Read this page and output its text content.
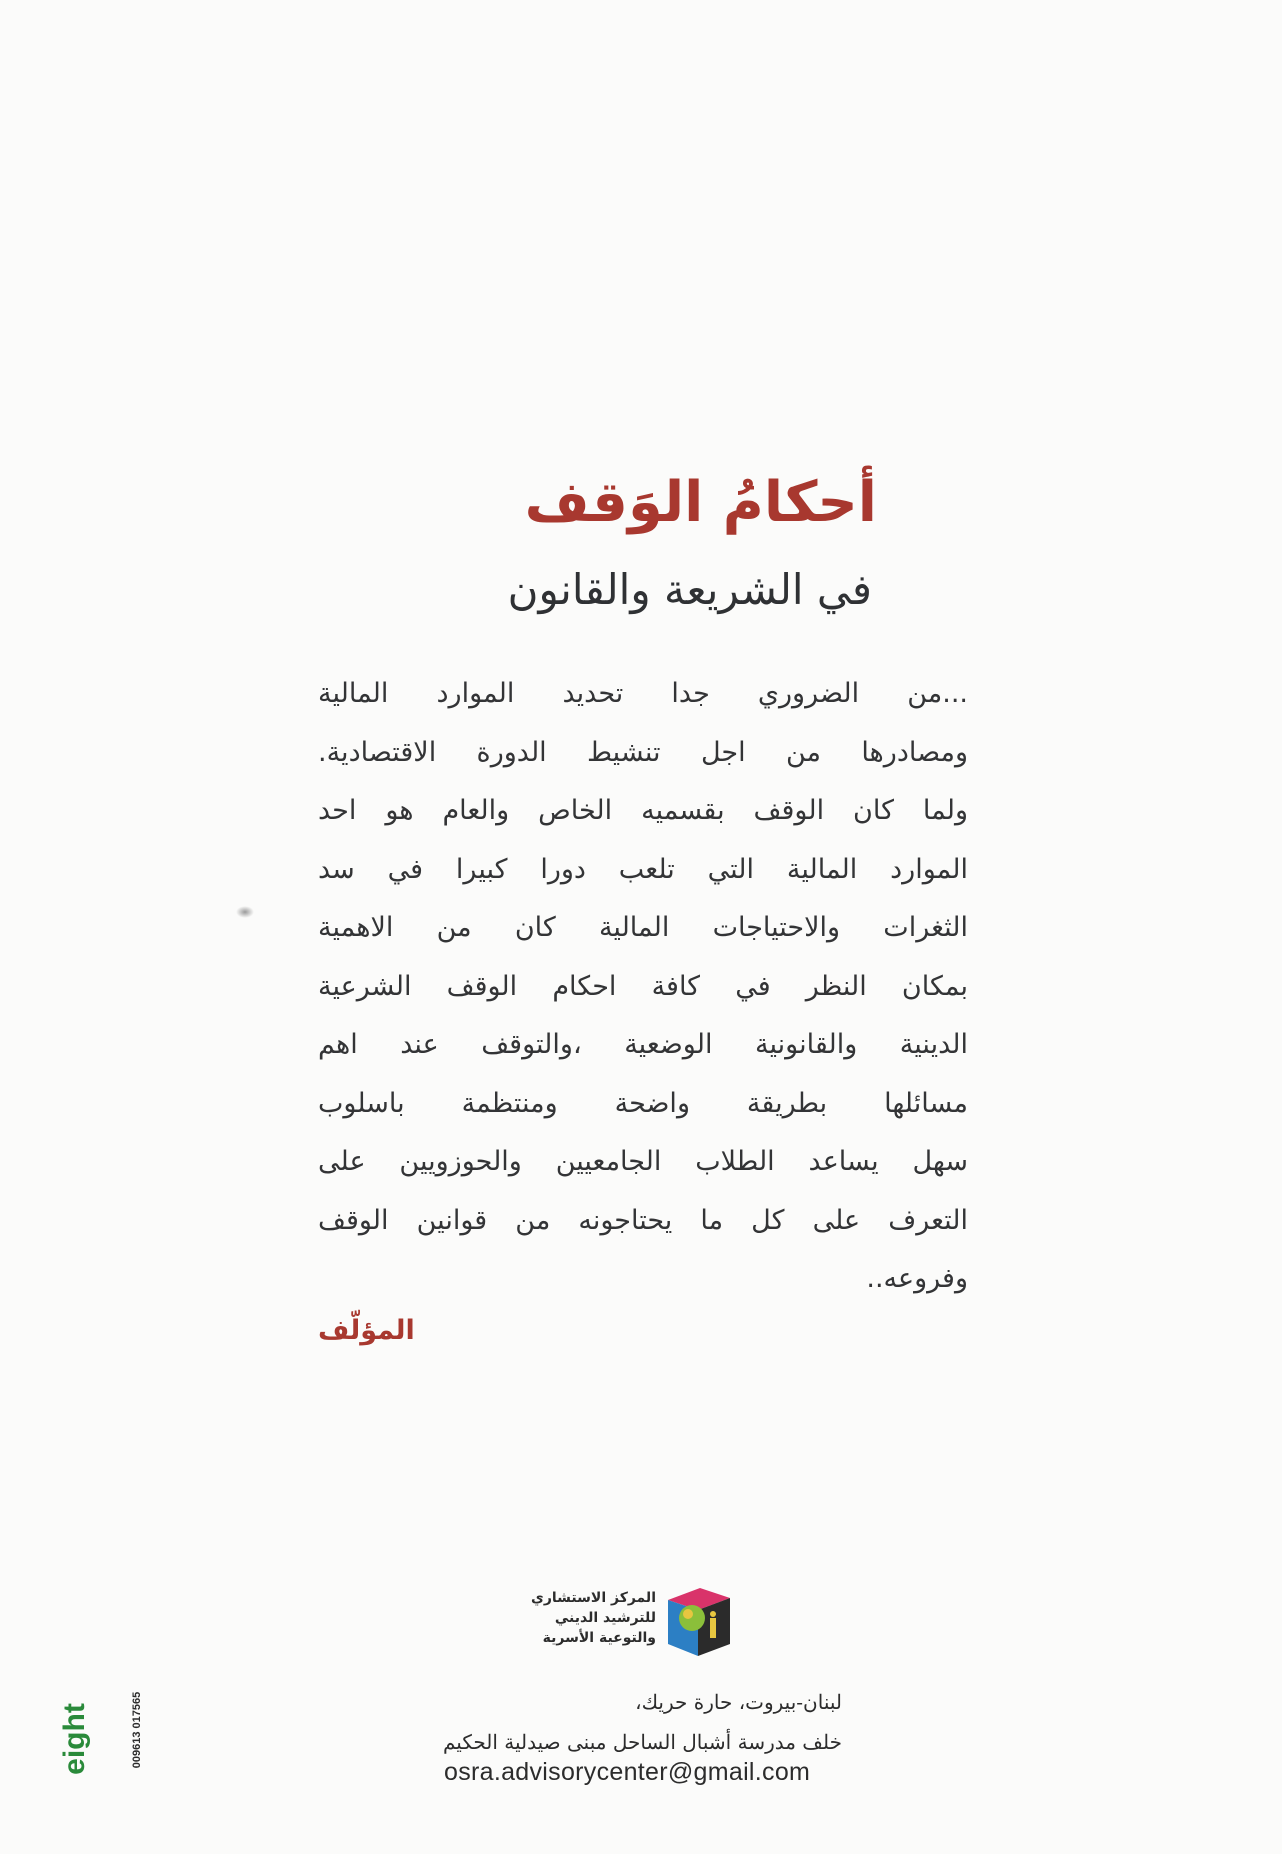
أحكامُ الوَقف
في الشريعة والقانون
...من الضروري جدا تحديد الموارد المالية
ومصادرها من اجل تنشيط الدورة الاقتصادية.
ولما كان الوقف بقسميه الخاص والعام هو احد
الموارد المالية التي تلعب دورا كبيرا في سد
الثغرات والاحتياجات المالية كان من الاهمية
بمكان النظر في كافة احكام الوقف الشرعية
الدينية والقانونية الوضعية ،والتوقف عند اهم
مسائلها بطريقة واضحة ومنتظمة باسلوب
سهل يساعد الطلاب الجامعيين والحوزويين على
التعرف على كل ما يحتاجونه من قوانين الوقف
وفروعه..
المؤلّف
المركز الاستشاري
للترشيد الديني
والتوعية الأسرية
لبنان-بيروت، حارة حريك،
خلف مدرسة أشبال الساحل مبنى صيدلية الحكيم
osra.advisorycenter@gmail.com
eight	009613 017565
